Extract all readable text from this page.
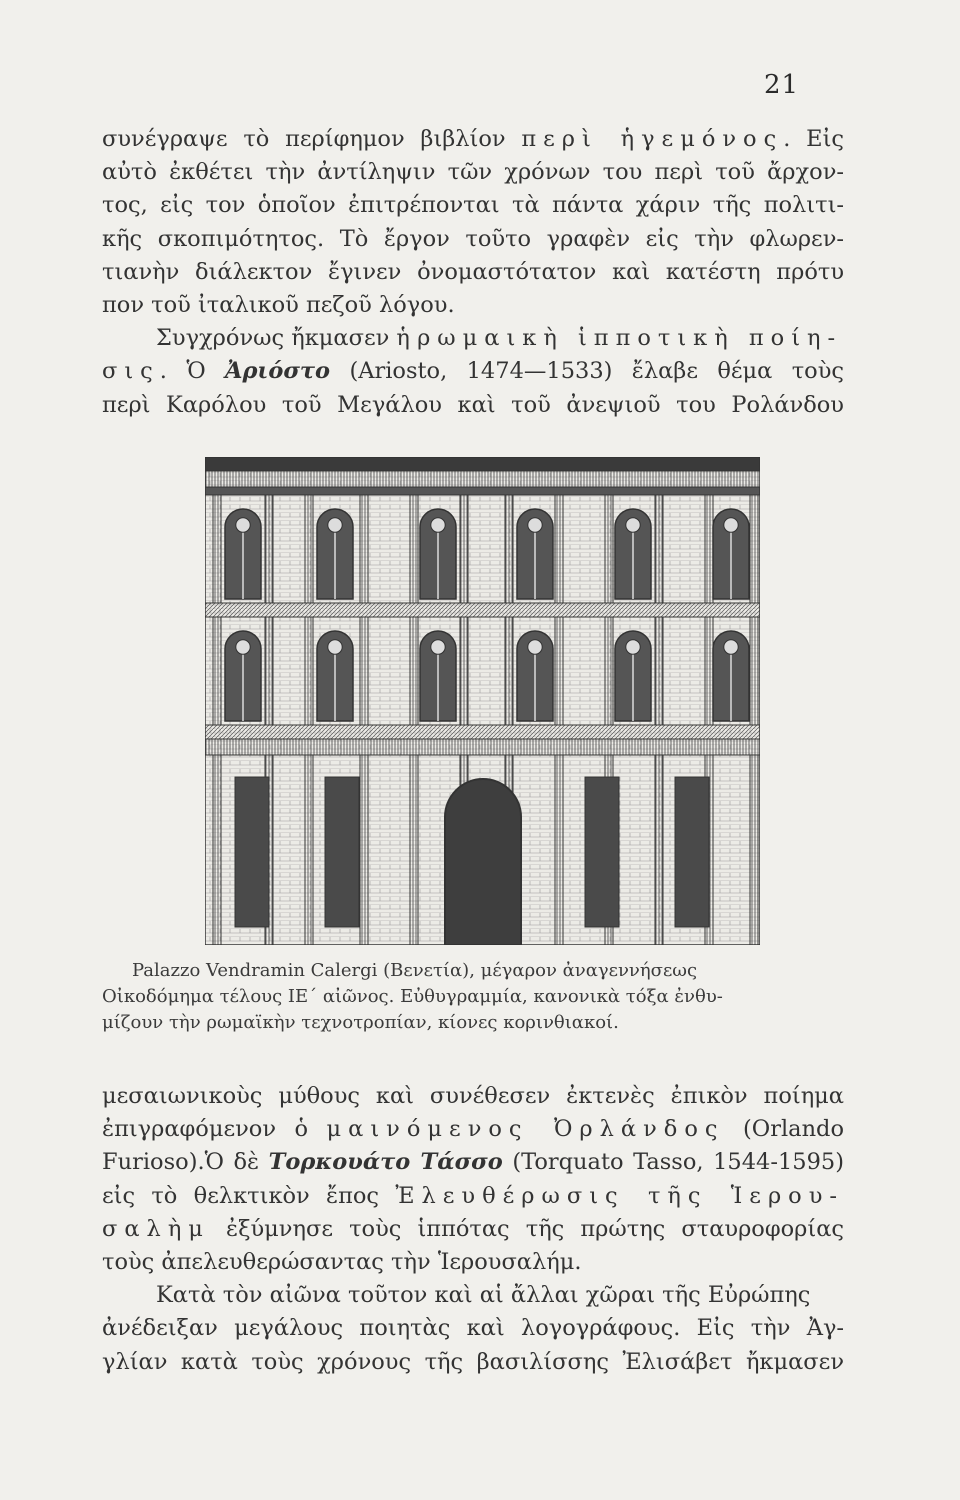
21
συνέγραψε τὸ περίφημον βιβλίον περὶ ἡγεμόνος. Εἰς
αὐτὸ ἐκθέτει τὴν ἀντίληψιν τῶν χρόνων του περὶ τοῦ ἄρχον-
τος, εἰς τον ὁποῖον ἐπιτρέπονται τὰ πάντα χάριν τῆς πολιτι-
κῆς σκοπιμότητος. Τὸ ἔργον τοῦτο γραφὲν εἰς τὴν φλωρεν-
τιανὴν διάλεκτον ἔγινεν ὀνομαστότατον καὶ κατέστη πρότυ
πον τοῦ ἰταλικοῦ πεζοῦ λόγου.
Συγχρόνως ἤκμασεν ἡ ρωμαικὴ ἱπποτικὴ ποίη-
σις. Ὁ Ἀριόστο (Ariosto, 1474—1533) ἔλαβε θέμα τοὺς
περὶ Καρόλου τοῦ Μεγάλου καὶ τοῦ ἀνεψιοῦ του Ρολάνδου
Palazzo Vendramin Calergi (Βενετία), μέγαρον ἀναγεννήσεως
Οἰκοδόμημα τέλους ΙΕ΄ αἰῶνος. Εὐθυγραμμία, κανονικὰ τόξα ἐνθυ-
μίζουν τὴν ρωμαϊκὴν τεχνοτροπίαν, κίονες κορινθιακοί.
μεσαιωνικοὺς μύθους καὶ συνέθεσεν ἐκτενὲς ἐπικὸν ποίημα
ἐπιγραφόμενον ὁ μαινόμενος Ὀρλάνδος (Orlando
Furioso).Ὁ δὲ Τορκουάτο Τάσσο (Torquato Tasso, 1544-1595)
εἰς τὸ θελκτικὸν ἔπος Ἐλευθέρωσις τῆς Ἱερου-
σαλὴμ ἐξύμνησε τοὺς ἱππότας τῆς πρώτης σταυροφορίας
τοὺς ἀπελευθερώσαντας τὴν Ἱερουσαλήμ.
Κατὰ τὸν αἰῶνα τοῦτον καὶ αἱ ἄλλαι χῶραι τῆς Εὐρώπης
ἀνέδειξαν μεγάλους ποιητὰς καὶ λογογράφους. Εἰς τὴν Ἀγ-
γλίαν κατὰ τοὺς χρόνους τῆς βασιλίσσης Ἐλισάβετ ἤκμασεν
